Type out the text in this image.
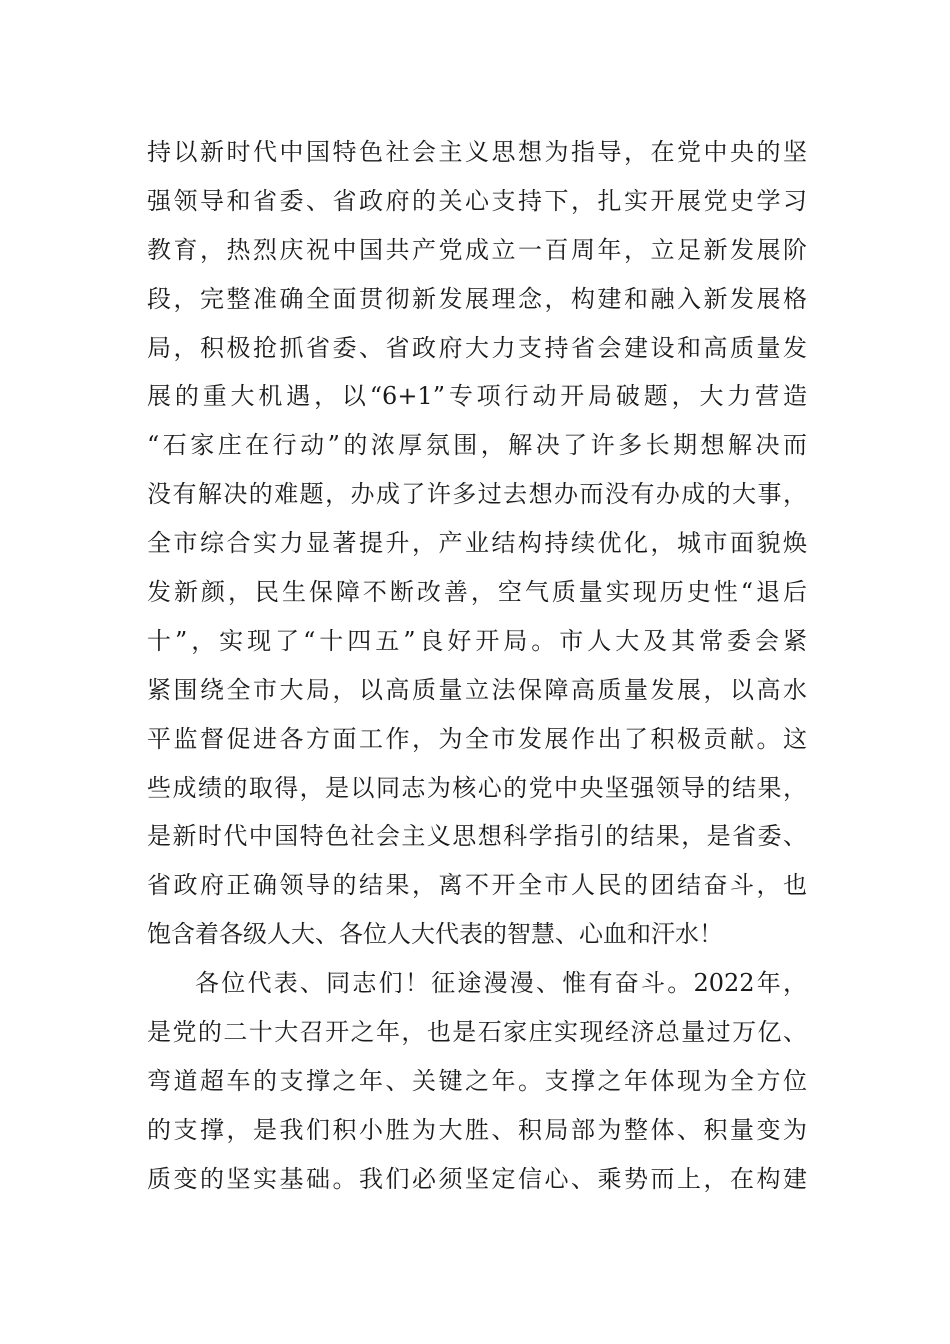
持以新时代中国特色社会主义思想为指导，在党中央的坚
强领导和省委、省政府的关心支持下，扎实开展党史学习
教育，热烈庆祝中国共产党成立一百周年，立足新发展阶
段，完整准确全面贯彻新发展理念，构建和融入新发展格
局，积极抢抓省委、省政府大力支持省会建设和高质量发
展的重大机遇，以“6+1”专项行动开局破题，大力营造
“石家庄在行动”的浓厚氛围，解决了许多长期想解决而
没有解决的难题，办成了许多过去想办而没有办成的大事，
全市综合实力显著提升，产业结构持续优化，城市面貌焕
发新颜，民生保障不断改善，空气质量实现历史性“退后
十”，实现了“十四五”良好开局。市人大及其常委会紧
紧围绕全市大局，以高质量立法保障高质量发展，以高水
平监督促进各方面工作，为全市发展作出了积极贡献。这
些成绩的取得，是以同志为核心的党中央坚强领导的结果，
是新时代中国特色社会主义思想科学指引的结果，是省委、
省政府正确领导的结果，离不开全市人民的团结奋斗，也
饱含着各级人大、各位人大代表的智慧、心血和汗水！
各位代表、同志们！征途漫漫、惟有奋斗。2022年，
是党的二十大召开之年，也是石家庄实现经济总量过万亿、
弯道超车的支撑之年、关键之年。支撑之年体现为全方位
的支撑，是我们积小胜为大胜、积局部为整体、积量变为
质变的坚实基础。我们必须坚定信心、乘势而上，在构建
